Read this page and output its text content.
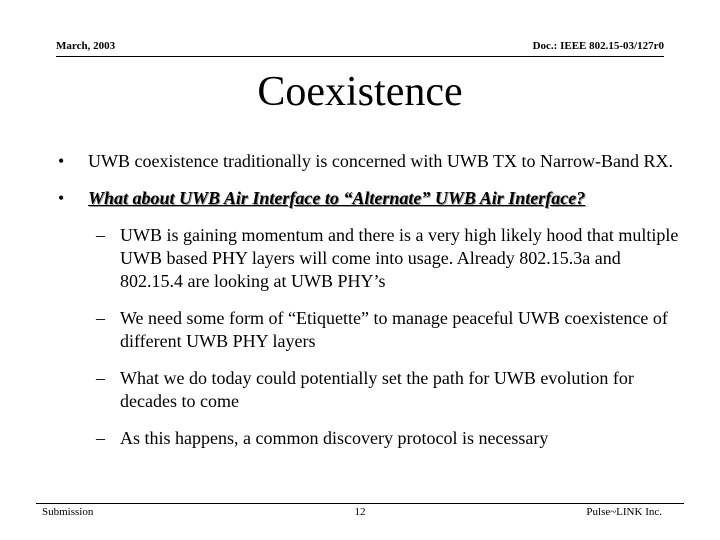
March, 2003	Doc.: IEEE 802.15-03/127r0
Coexistence
• UWB coexistence traditionally is concerned with UWB TX to Narrow-Band RX.
• What about UWB Air Interface to “Alternate” UWB Air Interface?
– UWB is gaining momentum and there is a very high likely hood that multiple UWB based PHY layers will come into usage. Already 802.15.3a and 802.15.4 are looking at UWB PHY’s
– We need some form of “Etiquette” to manage peaceful UWB coexistence of different UWB PHY layers
– What we do today could potentially set the path for UWB evolution for decades to come
– As this happens, a common discovery protocol is necessary
Submission	12	Pulse~LINK Inc.
